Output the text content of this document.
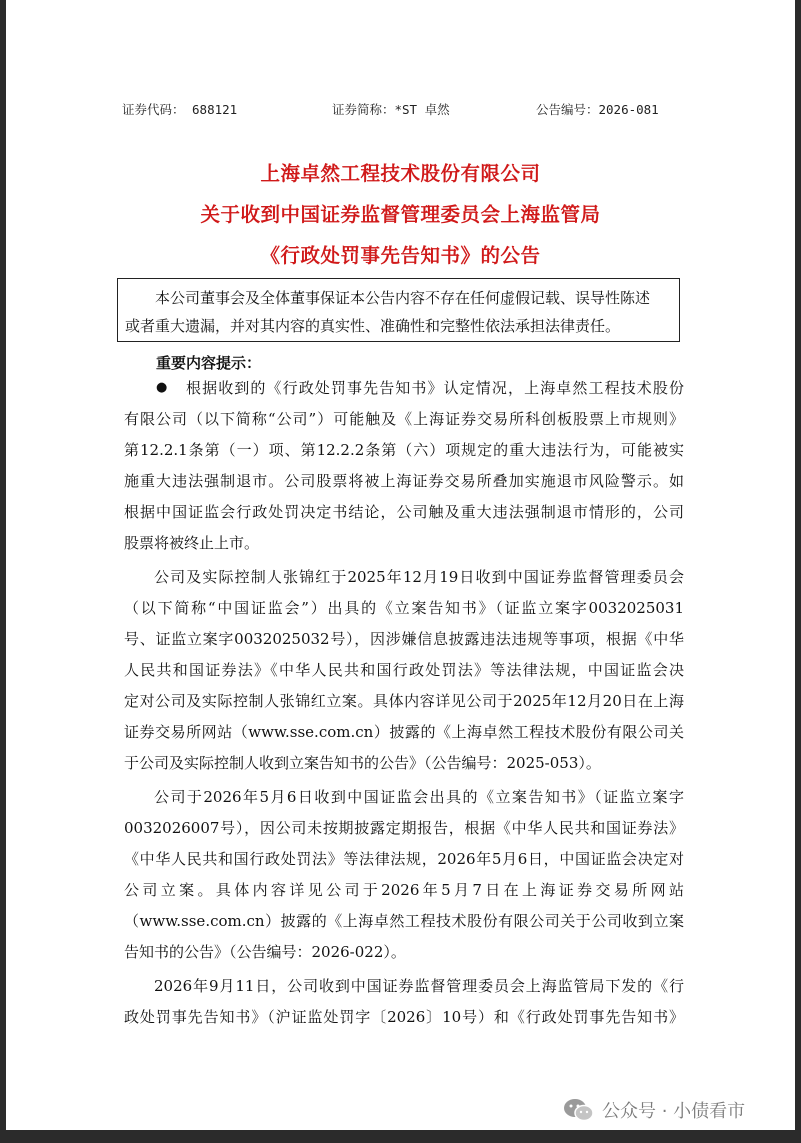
证券代码： 688121	证券简称：*ST 卓然	公告编号：2026-081
上海卓然工程技术股份有限公司
关于收到中国证券监督管理委员会上海监管局
《行政处罚事先告知书》的公告
本公司董事会及全体董事保证本公告内容不存在任何虚假记载、误导性陈述
或者重大遗漏，并对其内容的真实性、准确性和完整性依法承担法律责任。
重要内容提示：
● 根据收到的《行政处罚事先告知书》认定情况，上海卓然工程技术股份
有限公司（以下简称“公司”）可能触及《上海证券交易所科创板股票上市规则》
第12.2.1条第（一）项、第12.2.2条第（六）项规定的重大违法行为，可能被实
施重大违法强制退市。公司股票将被上海证券交易所叠加实施退市风险警示。如
根据中国证监会行政处罚决定书结论，公司触及重大违法强制退市情形的，公司
股票将被终止上市。
公司及实际控制人张锦红于2025年12月19日收到中国证券监督管理委员会
（以下简称“中国证监会”）出具的《立案告知书》（证监立案字0032025031
号、证监立案字0032025032号），因涉嫌信息披露违法违规等事项，根据《中华
人民共和国证券法》《中华人民共和国行政处罚法》等法律法规，中国证监会决
定对公司及实际控制人张锦红立案。具体内容详见公司于2025年12月20日在上海
证券交易所网站（www.sse.com.cn）披露的《上海卓然工程技术股份有限公司关
于公司及实际控制人收到立案告知书的公告》（公告编号：2025-053）。
公司于2026年5月6日收到中国证监会出具的《立案告知书》（证监立案字
0032026007号），因公司未按期披露定期报告，根据《中华人民共和国证券法》
《中华人民共和国行政处罚法》等法律法规，2026年5月6日，中国证监会决定对
公司立案。具体内容详见公司于2026年5月7日在上海证券交易所网站
（www.sse.com.cn）披露的《上海卓然工程技术股份有限公司关于公司收到立案
告知书的公告》（公告编号：2026-022）。
2026年9月11日，公司收到中国证券监督管理委员会上海监管局下发的《行
政处罚事先告知书》（沪证监处罚字〔2026〕10号）和《行政处罚事先告知书》
公众号 · 小债看市
